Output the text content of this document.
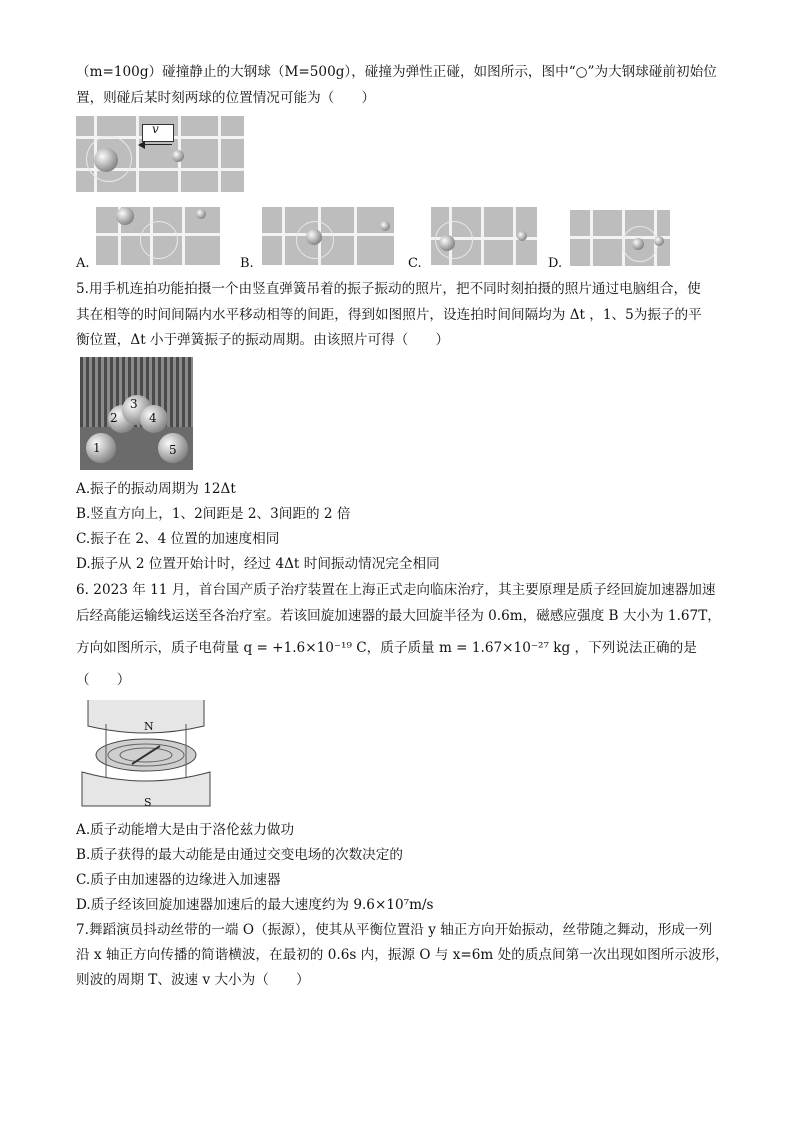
（m=100g）碰撞静止的大钢球（M=500g），碰撞为弹性正碰，如图所示，图中“○”为大钢球碰前初始位
置，则碰后某时刻两球的位置情况可能为（　　）
v
A.	B.	C.	D.
5.用手机连拍功能拍摄一个由竖直弹簧吊着的振子振动的照片，把不同时刻拍摄的照片通过电脑组合，使
其在相等的时间间隔内水平移动相等的间距，得到如图照片，设连拍时间间隔均为 Δt ，1、5为振子的平
衡位置，Δt 小于弹簧振子的振动周期。由该照片可得（　　）
1
2
3
4
5
A.振子的振动周期为 12Δt
B.竖直方向上，1、2间距是 2、3间距的 2 倍
C.振子在 2、4 位置的加速度相同
D.振子从 2 位置开始计时，经过 4Δt 时间振动情况完全相同
6. 2023 年 11 月，首台国产质子治疗装置在上海正式走向临床治疗，其主要原理是质子经回旋加速器加速
后经高能运输线运送至各治疗室。若该回旋加速器的最大回旋半径为 0.6m，磁感应强度 B 大小为 1.67T，
方向如图所示，质子电荷量 q = +1.6×10⁻¹⁹ C，质子质量 m = 1.67×10⁻²⁷ kg ，下列说法正确的是
（　　）
N
S
A.质子动能增大是由于洛伦兹力做功
B.质子获得的最大动能是由通过交变电场的次数决定的
C.质子由加速器的边缘进入加速器
D.质子经该回旋加速器加速后的最大速度约为 9.6×10⁷m/s
7.舞蹈演员抖动丝带的一端 O（振源），使其从平衡位置沿 y 轴正方向开始振动，丝带随之舞动，形成一列
沿 x 轴正方向传播的简谐横波，在最初的 0.6s 内，振源 O 与 x=6m 处的质点间第一次出现如图所示波形，
则波的周期 T、波速 v 大小为（　　）
